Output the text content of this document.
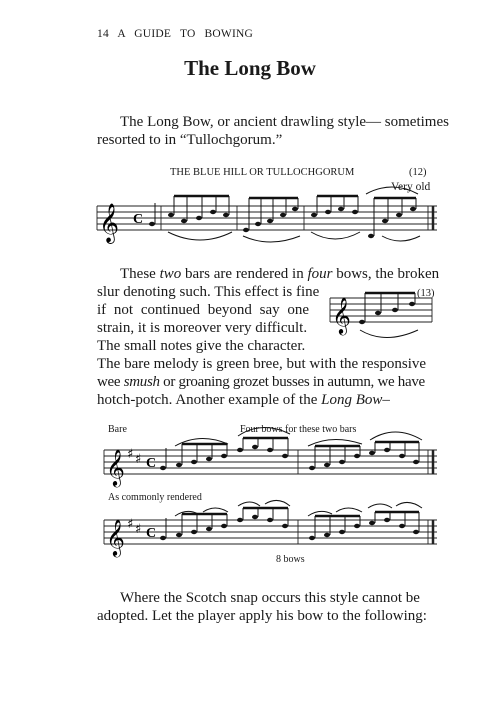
14 A GUIDE TO BOWING
The Long Bow
The Long Bow, or ancient drawling style— sometimes
resorted to in “Tullochgorum.”
THE BLUE HILL OR TULLOCHGORUM	(12)
Very old
𝄞 C
These two bars are rendered in four bows, the broken
slur denoting such. This effect is fine
if not continued beyond say one
strain, it is moreover very difficult.
The small notes give the character.
The bare melody is green bree, but with the responsive
wee smush or groaning grozet busses in autumn, we have
hotch-potch. Another example of the Long Bow–
(13)
𝄞
Bare	Four bows for these two bars
𝄞 ♯ ♯ C
As commonly rendered
𝄞 ♯ ♯ C
8 bows
Where the Scotch snap occurs this style cannot be
adopted. Let the player apply his bow to the following:
